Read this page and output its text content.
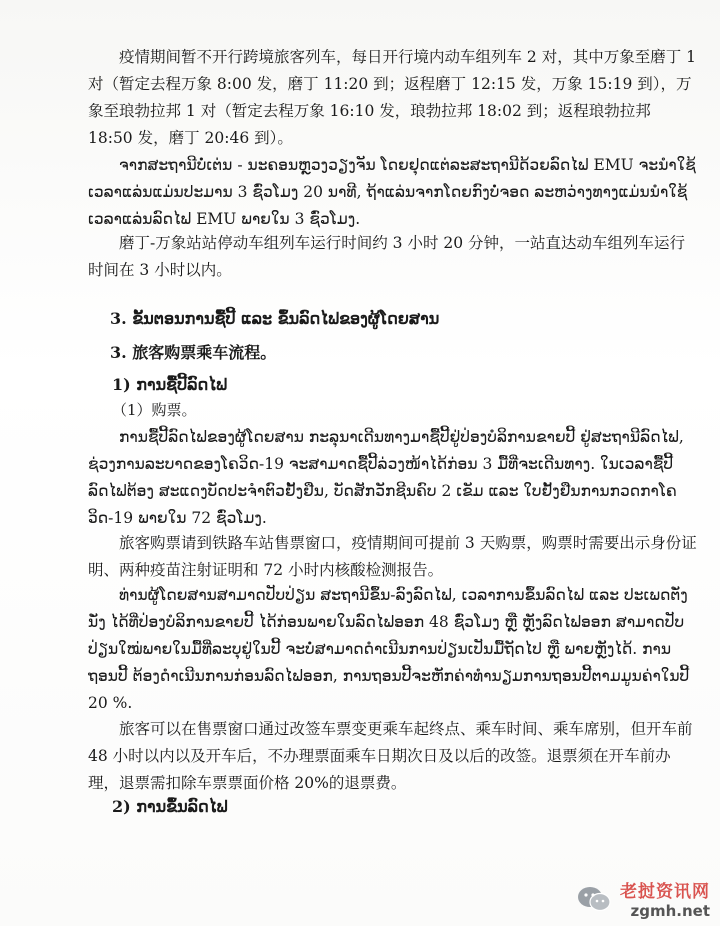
疫情期间暂不开行跨境旅客列车，每日开行境内动车组列车 2 对，其中万象至磨丁 1 对（暂定去程万象 8:00 发，磨丁 11:20 到；返程磨丁 12:15 发，万象 15:19 到），万象至琅勃拉邦 1 对（暂定去程万象 16:10 发，琅勃拉邦 18:02 到；返程琅勃拉邦 18:50 发，磨丁 20:46 到）。

ຈາກສະຖານີບໍ່ເຕ່ນ - ນະຄອນຫຼວງວຽງຈັນ ໂດຍຢຸດແຕ່ລະສະຖານີດ້ວຍລົດໄຟ EMU ຈະນໍາໃຊ້ເວລາແລ່ນແມ່ນປະມານ 3 ຊົ່ວໂມງ 20 ນາທີ, ຖ້າແລ່ນຈາກໂດຍກົງບໍ່ຈອດ ລະຫວ່າງທາງແມ່ນນໍາໃຊ້ເວລາແລ່ນລົດໄຟ EMU ພາຍໃນ 3 ຊົ່ວໂມງ.

磨丁-万象站站停动车组列车运行时间约 3 小时 20 分钟，一站直达动车组列车运行时间在 3 小时以内。

3. ຂັ້ນຕອນການຊື້ປີ້ ແລະ ຂຶ້ນລົດໄຟຂອງຜູ້ໂດຍສານ
3. 旅客购票乘车流程。
1) ການຊື້ປີ້ລົດໄຟ

（1）购票。

ການຊື້ປີ້ລົດໄຟຂອງຜູ້ໂດຍສານ ກະລຸນາເດີນທາງມາຊື້ປີ້ຢູ່ປ່ອງບໍລິການຂາຍປີ້ ຢູ່ສະຖານີລົດໄຟ, ຊ່ວງການລະບາດຂອງໂຄວິດ-19 ຈະສາມາດຊື້ປີ້ລ່ວງໜ້າໄດ້ກ່ອນ 3 ມື້ທີ່ຈະເດີນທາງ. ໃນເວລາຊື້ປີ້ລົດໄຟຕ້ອງ ສະແດງບັດປະຈໍາຕົວຢັ້ງຢືນ, ບັດສັກວັກຊີນຄົບ 2 ເຂັມ ແລະ ໃບຢັ້ງຢືນການກວດກາໂຄວິດ-19 ພາຍໃນ 72 ຊົ່ວໂມງ.

旅客购票请到铁路车站售票窗口，疫情期间可提前 3 天购票，购票时需要出示身份证明、两种疫苗注射证明和 72 小时内核酸检测报告。

ທ່ານຜູ້ໂດຍສານສາມາດປັບປ່ຽນ ສະຖານີຂຶ້ນ-ລົງລົດໄຟ, ເວລາການຂຶ້ນລົດໄຟ ແລະ ປະເພດຕັ່ງນັ່ງ ໄດ້ທີ່ປ່ອງບໍລິການຂາຍປີ້ ໄດ້ກ່ອນພາຍໃນລົດໄຟອອກ 48 ຊົ່ວໂມງ ຫຼື ຫຼັງລົດໄຟອອກ ສາມາດປັບປ່ຽນໃໝ່ພາຍໃນມື້ທີ່ລະບຸຢູ່ໃນປີ້ ຈະບໍ່ສາມາດດໍາເນີນການປ່ຽນເປັນມື້ຖັດໄປ ຫຼື ພາຍຫຼັງໄດ້. ການຖອນປີ້ ຕ້ອງດໍາເນີນການກ່ອນລົດໄຟອອກ, ການຖອນປີ້ຈະຫັກຄ່າທໍານຽມການຖອນປີ້ຕາມມູນຄ່າໃນປີ້ 20 %.

旅客可以在售票窗口通过改签车票变更乘车起终点、乘车时间、乘车席别，但开车前 48 小时以内以及开车后，不办理票面乘车日期次日及以后的改签。退票须在开车前办理，退票需扣除车票票面价格 20%的退票费。

2) ການຂຶ້ນລົດໄຟ
老挝资讯网
zgmh.net
